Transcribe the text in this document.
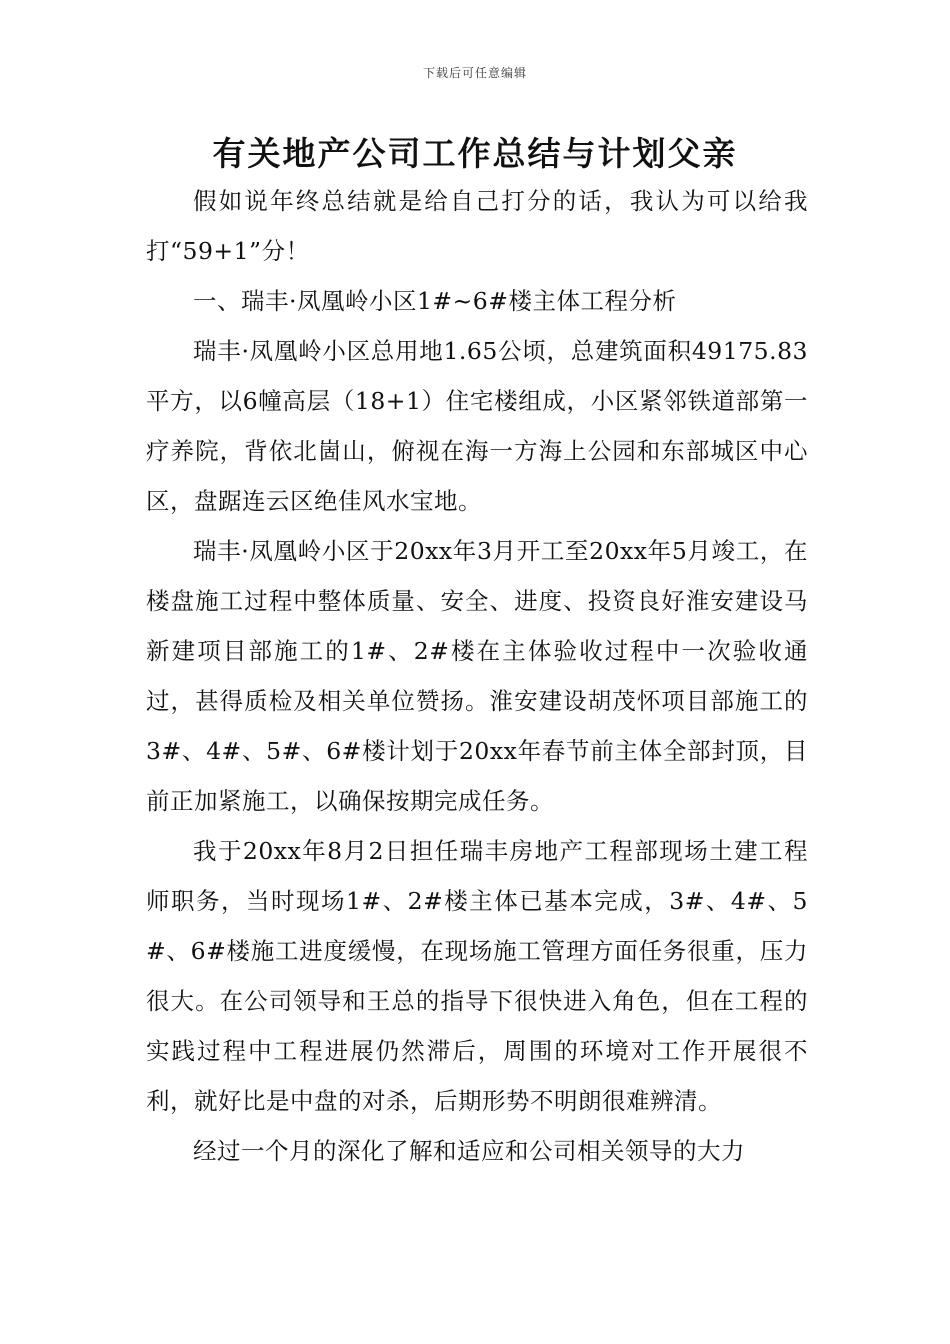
下载后可任意编辑
有关地产公司工作总结与计划父亲

假如说年终总结就是给自己打分的话，我认为可以给我打“59+1”分！

一、瑞丰·凤凰岭小区1#~6#楼主体工程分析

瑞丰·凤凰岭小区总用地1.65公顷，总建筑面积49175.83平方，以6幢高层（18+1）住宅楼组成，小区紧邻铁道部第一疗养院，背依北崮山，俯视在海一方海上公园和东部城区中心区，盘踞连云区绝佳风水宝地。

瑞丰·凤凰岭小区于20xx年3月开工至20xx年5月竣工，在楼盘施工过程中整体质量、安全、进度、投资良好淮安建设马新建项目部施工的1#、2#楼在主体验收过程中一次验收通过，甚得质检及相关单位赞扬。淮安建设胡茂怀项目部施工的3#、4#、5#、6#楼计划于20xx年春节前主体全部封顶，目前正加紧施工，以确保按期完成任务。

我于20xx年8月2日担任瑞丰房地产工程部现场土建工程师职务，当时现场1#、2#楼主体已基本完成，3#、4#、5#、6#楼施工进度缓慢，在现场施工管理方面任务很重，压力很大。在公司领导和王总的指导下很快进入角色，但在工程的实践过程中工程进展仍然滞后，周围的环境对工作开展很不利，就好比是中盘的对杀，后期形势不明朗很难辨清。

经过一个月的深化了解和适应和公司相关领导的大力
